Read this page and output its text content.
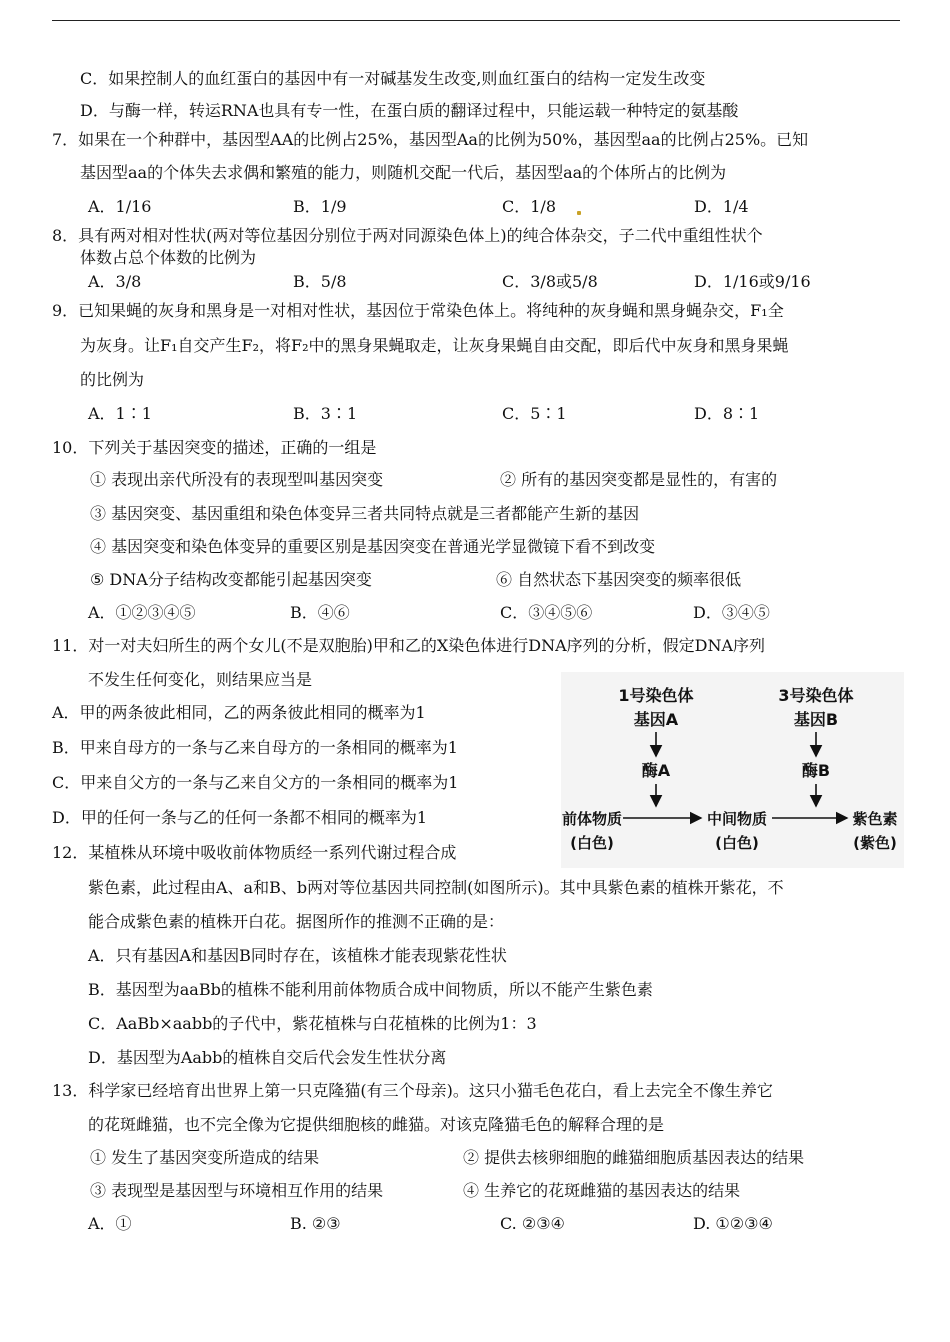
C．如果控制人的血红蛋白的基因中有一对碱基发生改变,则血红蛋白的结构一定发生改变
D．与酶一样，转运RNA也具有专一性，在蛋白质的翻译过程中，只能运载一种特定的氨基酸
7．如果在一个种群中，基因型AA的比例占25%，基因型Aa的比例为50%，基因型aa的比例占25%。已知
基因型aa的个体失去求偶和繁殖的能力，则随机交配一代后，基因型aa的个体所占的比例为
A．1/16	B．1/9	C．1/8	D．1/4
8．具有两对相对性状(两对等位基因分别位于两对同源染色体上)的纯合体杂交，子二代中重组性状个
体数占总个体数的比例为
A．3/8	B．5/8	C．3/8或5/8	D．1/16或9/16
9．已知果蝇的灰身和黑身是一对相对性状，基因位于常染色体上。将纯种的灰身蝇和黑身蝇杂交，F₁全
为灰身。让F₁自交产生F₂，将F₂中的黑身果蝇取走，让灰身果蝇自由交配，即后代中灰身和黑身果蝇
的比例为
A．1∶1	B．3∶1	C．5∶1	D．8∶1
10．下列关于基因突变的描述，正确的一组是
① 表现出亲代所没有的表现型叫基因突变	② 所有的基因突变都是显性的，有害的
③ 基因突变、基因重组和染色体变异三者共同特点就是三者都能产生新的基因
④ 基因突变和染色体变异的重要区别是基因突变在普通光学显微镜下看不到改变
⑤ DNA分子结构改变都能引起基因突变	⑥ 自然状态下基因突变的频率很低
A．①②③④⑤	B．④⑥	C．③④⑤⑥	D．③④⑤
11．对一对夫妇所生的两个女儿(不是双胞胎)甲和乙的X染色体进行DNA序列的分析，假定DNA序列
不发生任何变化，则结果应当是
A．甲的两条彼此相同，乙的两条彼此相同的概率为1
B．甲来自母方的一条与乙来自母方的一条相同的概率为1
C．甲来自父方的一条与乙来自父方的一条相同的概率为1
D．甲的任何一条与乙的任何一条都不相同的概率为1
1号染色体
基因A
3号染色体
基因B
酶A	酶B
前体物质
(白色)
中间物质
(白色)
紫色素
(紫色)
12．某植株从环境中吸收前体物质经一系列代谢过程合成
紫色素，此过程由A、a和B、b两对等位基因共同控制(如图所示)。其中具紫色素的植株开紫花，不
能合成紫色素的植株开白花。据图所作的推测不正确的是：
A．只有基因A和基因B同时存在，该植株才能表现紫花性状
B．基因型为aaBb的植株不能利用前体物质合成中间物质，所以不能产生紫色素
C．AaBb×aabb的子代中，紫花植株与白花植株的比例为1：3
D．基因型为Aabb的植株自交后代会发生性状分离
13．科学家已经培育出世界上第一只克隆猫(有三个母亲)。这只小猫毛色花白，看上去完全不像生养它
的花斑雌猫，也不完全像为它提供细胞核的雌猫。对该克隆猫毛色的解释合理的是
① 发生了基因突变所造成的结果	② 提供去核卵细胞的雌猫细胞质基因表达的结果
③ 表现型是基因型与环境相互作用的结果	④ 生养它的花斑雌猫的基因表达的结果
A．①	B. ②③	C. ②③④	D. ①②③④
